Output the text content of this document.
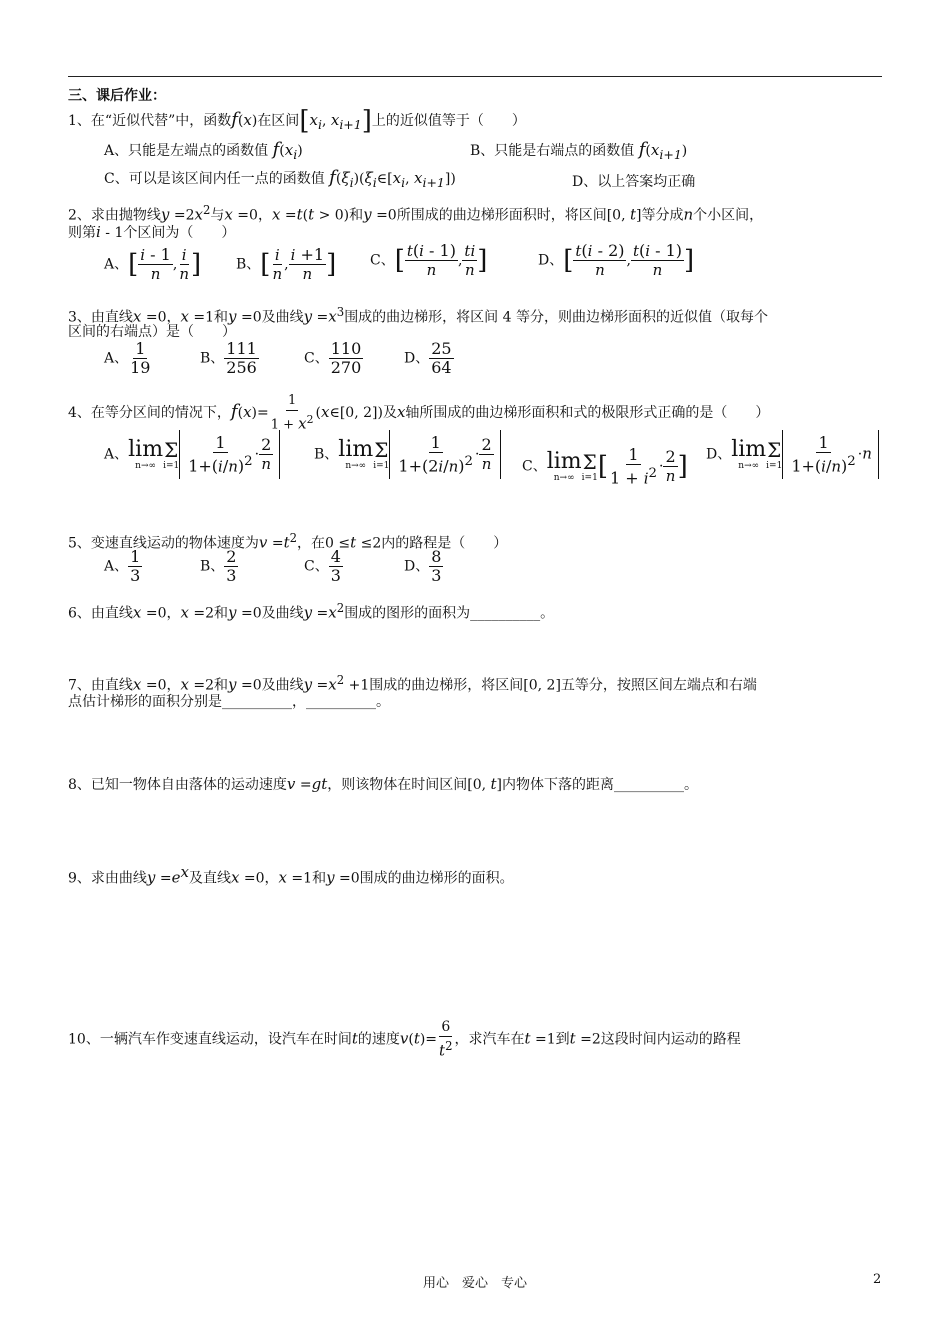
三、课后作业：
1、在“近似代替”中，函数f(x)在区间[$x_i$, $x_{i+1}$]上的近似值等于（　　）
A、只能是左端点的函数值 $f(x_i)$	B、只能是右端点的函数值 $f(x_{i+1})$
C、可以是该区间内任一点的函数值 $f(\xi_i)(\xi_i\in[x_i$, $x_{i+1}$])	D、以上答案均正确
2、求由抛物线$y =2x^2$与x =0，x =t(t > 0)和y =0所围成的曲边梯形面积时，将区间[0, t]等分成n个小区间，
则第i - 1个区间为（　　）
A、[ $\frac{i - 1}{n}$ , $\frac{i}{n}$ ] B、[ $\frac{i}{n}$ , $\frac{i +1}{n}$ ] C、[ $\frac{t(i - 1)}{n}$ , $\frac{ti}{n}$ ]	D、[ $\frac{t(i - 2)}{n}$ , $\frac{t(i - 1)}{n}$ ]
3、由直线x =0，x =1和y =0及曲线$y =x^3$围成的曲边梯形，将区间 4 等分，则曲边梯形面积的近似值（取每个
区间的右端点）是（　　）
A、 $\frac{1}{19}$	B、 $\frac{111}{256}$	C、 $\frac{110}{270}$	D、 $\frac{25}{64}$
4、在等分区间的情况下，$f(x)= \frac{1}{1 + x^2}$ (x∈[0, 2])及x轴所围成的曲边梯形面积和式的极限形式正确的是（　　）
A、lim
n→∞
Σ
$i=1 \frac{1}{1+(i/n)^2} \cdot \frac{2}{n}$	B、lim
n→∞
Σ
$i=1 \frac{1}{1+(2i/n)^2} \cdot \frac{2}{n}$ C、lim
n→∞
Σ
i=1 [ $\frac{1}{1 + i^2} \cdot \frac{2}{n}$ ] D、lim
n→∞
Σ
$i=1 \frac{1}{1+(i/n)^2} \cdot n$
5、变速直线运动的物体速度为$v =t^2$，在0 ≤t ≤2内的路程是（　　）
A、 $\frac{1}{3}$	B、 $\frac{2}{3}$	C、 $\frac{4}{3}$	D、 $\frac{8}{3}$
6、由直线x =0，x =2和y =0及曲线$y =x^2$围成的图形的面积为__________。
7、由直线x =0，x =2和y =0及曲线$y =x^2 +1$围成的曲边梯形，将区间[0, 2]五等分，按照区间左端点和右端
点估计梯形的面积分别是__________，__________。
8、已知一物体自由落体的运动速度v =gt，则该物体在时间区间[0, t]内物体下落的距离__________。
9、求由曲线$y =e^x$及直线x =0，x =1和y =0围成的曲边梯形的面积。
10、一辆汽车作变速直线运动，设汽车在时间t的速度$v(t)= \frac{6}{t^2}$ ，求汽车在t =1到t =2这段时间内运动的路程
用心　爱心　专心	2
